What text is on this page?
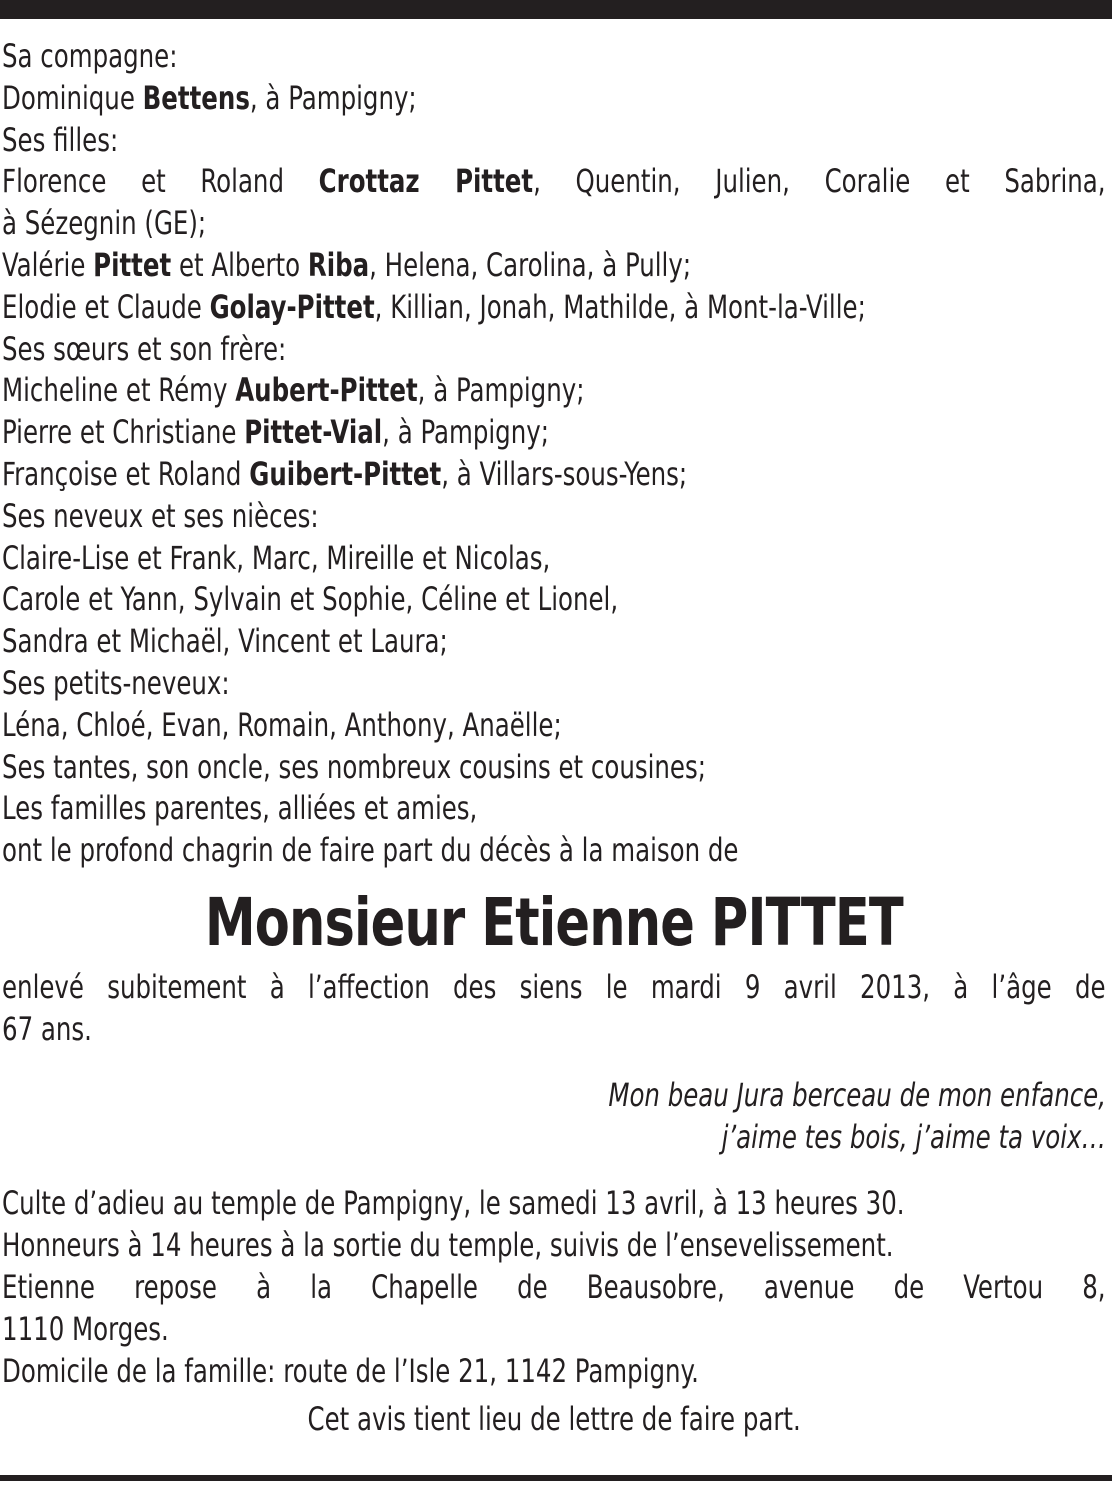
Sa compagne:
Dominique Bettens, à Pampigny;
Ses filles:
Florence et Roland Crottaz Pittet, Quentin, Julien, Coralie et Sabrina,
à Sézegnin (GE);
Valérie Pittet et Alberto Riba, Helena, Carolina, à Pully;
Elodie et Claude Golay-Pittet, Killian, Jonah, Mathilde, à Mont-la-Ville;
Ses sœurs et son frère:
Micheline et Rémy Aubert-Pittet, à Pampigny;
Pierre et Christiane Pittet-Vial, à Pampigny;
Françoise et Roland Guibert-Pittet, à Villars-sous-Yens;
Ses neveux et ses nièces:
Claire-Lise et Frank, Marc, Mireille et Nicolas,
Carole et Yann, Sylvain et Sophie, Céline et Lionel,
Sandra et Michaël, Vincent et Laura;
Ses petits-neveux:
Léna, Chloé, Evan, Romain, Anthony, Anaëlle;
Ses tantes, son oncle, ses nombreux cousins et cousines;
Les familles parentes, alliées et amies,
ont le profond chagrin de faire part du décès à la maison de
Monsieur Etienne PITTET
enlevé subitement à l’affection des siens le mardi 9 avril 2013, à l’âge de
67 ans.
Mon beau Jura berceau de mon enfance,
j’aime tes bois, j’aime ta voix…
Culte d’adieu au temple de Pampigny, le samedi 13 avril, à 13 heures 30.
Honneurs à 14 heures à la sortie du temple, suivis de l’ensevelissement.
Etienne repose à la Chapelle de Beausobre, avenue de Vertou 8,
1110 Morges.
Domicile de la famille: route de l’Isle 21, 1142 Pampigny.
Cet avis tient lieu de lettre de faire part.
